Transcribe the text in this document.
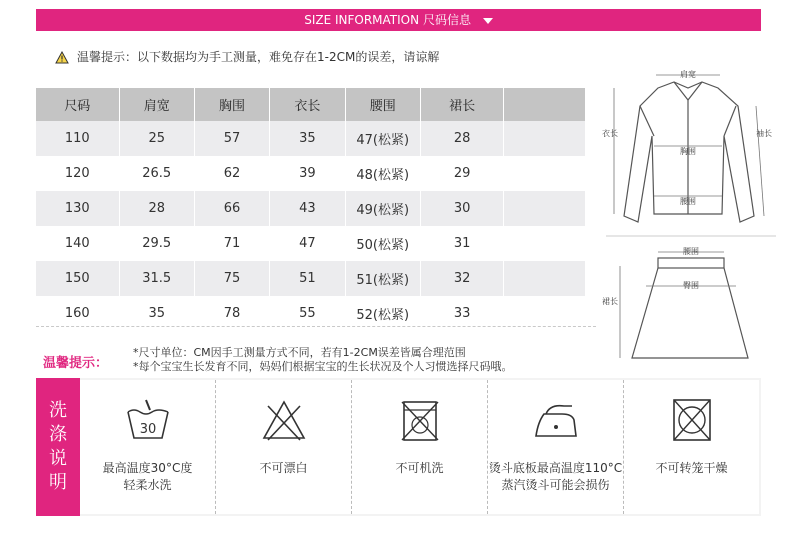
SIZE INFORMATION 尺码信息
温馨提示：以下数据均为手工测量，难免存在1-2CM的误差，请谅解
尺码	肩宽	胸围	衣长	腰围	裙长	
110	25	57	35	47(松紧)	28	
120	26.5	62	39	48(松紧)	29	
130	28	66	43	49(松紧)	30	
140	29.5	71	47	50(松紧)	31	
150	31.5	75	51	51(松紧)	32	
160	35	78	55	52(松紧)	33	
肩宽
衣长	袖长
胸围
腰围
腰围
臀围
裙长
温馨提示：
*尺寸单位：CM因手工测量方式不同，若有1-2CM误差皆属合理范围
*每个宝宝生长发育不同，妈妈们根据宝宝的生长状况及个人习惯选择尺码哦。
洗
涤
说
明
30
最高温度30°C度
轻柔水洗
不可漂白	不可机洗	烫斗底板最高温度110°C
蒸汽烫斗可能会损伤
不可转笼干燥
